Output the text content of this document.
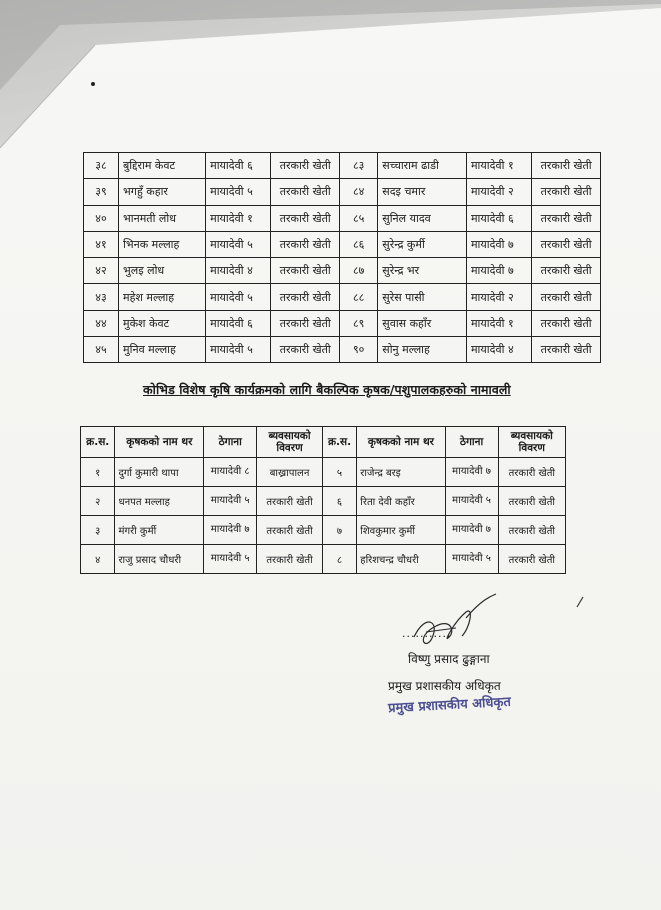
३८	बुद्दिराम केवट	मायादेवी ६	तरकारी खेती	८३	सच्चाराम ढाडी	मायादेवी १	तरकारी खेती
३९	भगहुँ कहार	मायादेवी ५	तरकारी खेती	८४	सदइ चमार	मायादेवी २	तरकारी खेती
४०	भानमती लोध	मायादेवी १	तरकारी खेती	८५	सुनिल यादव	मायादेवी ६	तरकारी खेती
४१	भिनक मल्लाह	मायादेवी ५	तरकारी खेती	८६	सुरेन्द्र कुर्मी	मायादेवी ७	तरकारी खेती
४२	भुलइ लोध	मायादेवी ४	तरकारी खेती	८७	सुरेन्द्र भर	मायादेवी ७	तरकारी खेती
४३	महेश मल्लाह	मायादेवी ५	तरकारी खेती	८८	सुरेस पासी	मायादेवी २	तरकारी खेती
४४	मुकेश केवट	मायादेवी ६	तरकारी खेती	८९	सुवास कहाँर	मायादेवी १	तरकारी खेती
४५	मुनिव मल्लाह	मायादेवी ५	तरकारी खेती	९०	सोनु मल्लाह	मायादेवी ४	तरकारी खेती
कोभिड विशेष कृषि कार्यक्रमको लागि बैकल्पिक कृषक/पशुपालकहरुको नामावली
क्र.स.	कृषकको नाम थर	ठेगाना	ब्यवसायको विवरण	क्र.स.	कृषकको नाम थर	ठेगाना	ब्यवसायको विवरण
१	दुर्गा कुमारी थापा	मायादेवी ८	बाख्रापालन	५	राजेन्द्र बरइ	मायादेवी ७	तरकारी खेती
२	धनपत मल्लाह	मायादेवी ५	तरकारी खेती	६	रिता देवी कहाँर	मायादेवी ५	तरकारी खेती
३	मंगरी कुर्मी	मायादेवी ७	तरकारी खेती	७	शिवकुमार कुर्मी	मायादेवी ७	तरकारी खेती
४	राजु प्रसाद चौधरी	मायादेवी ५	तरकारी खेती	८	हरिशचन्द्र चौधरी	मायादेवी ५	तरकारी खेती
...........
विष्णु प्रसाद ढुङ्गाना
प्रमुख प्रशासकीय अधिकृत
प्रमुख प्रशासकीय अधिकृत
